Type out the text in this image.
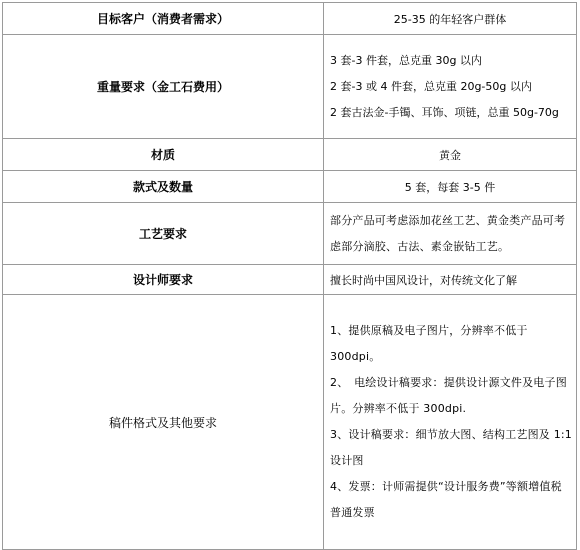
目标客户（消费者需求）	25-35 的年轻客户群体
重量要求（金工石费用）	3 套-3 件套，总克重 30g 以内
2 套-3 或 4 件套，总克重 20g-50g 以内
2 套古法金-手镯、耳饰、项链，总重 50g-70g

材质	黄金
款式及数量	5 套，每套 3-5 件
工艺要求	部分产品可考虑添加花丝工艺、黄金类产品可考虑部分滴胶、古法、素金嵌钻工艺。

设计师要求	擅长时尚中国风设计，对传统文化了解
稿件格式及其他要求	1、提供原稿及电子图片，分辨率不低于 300dpi。
2、　电绘设计稿要求：提供设计源文件及电子图片。分辨率不低于 300dpi.
3、设计稿要求：细节放大图、结构工艺图及 1:1 设计图
4、发票：计师需提供“设计服务费”等额增值税普通发票
